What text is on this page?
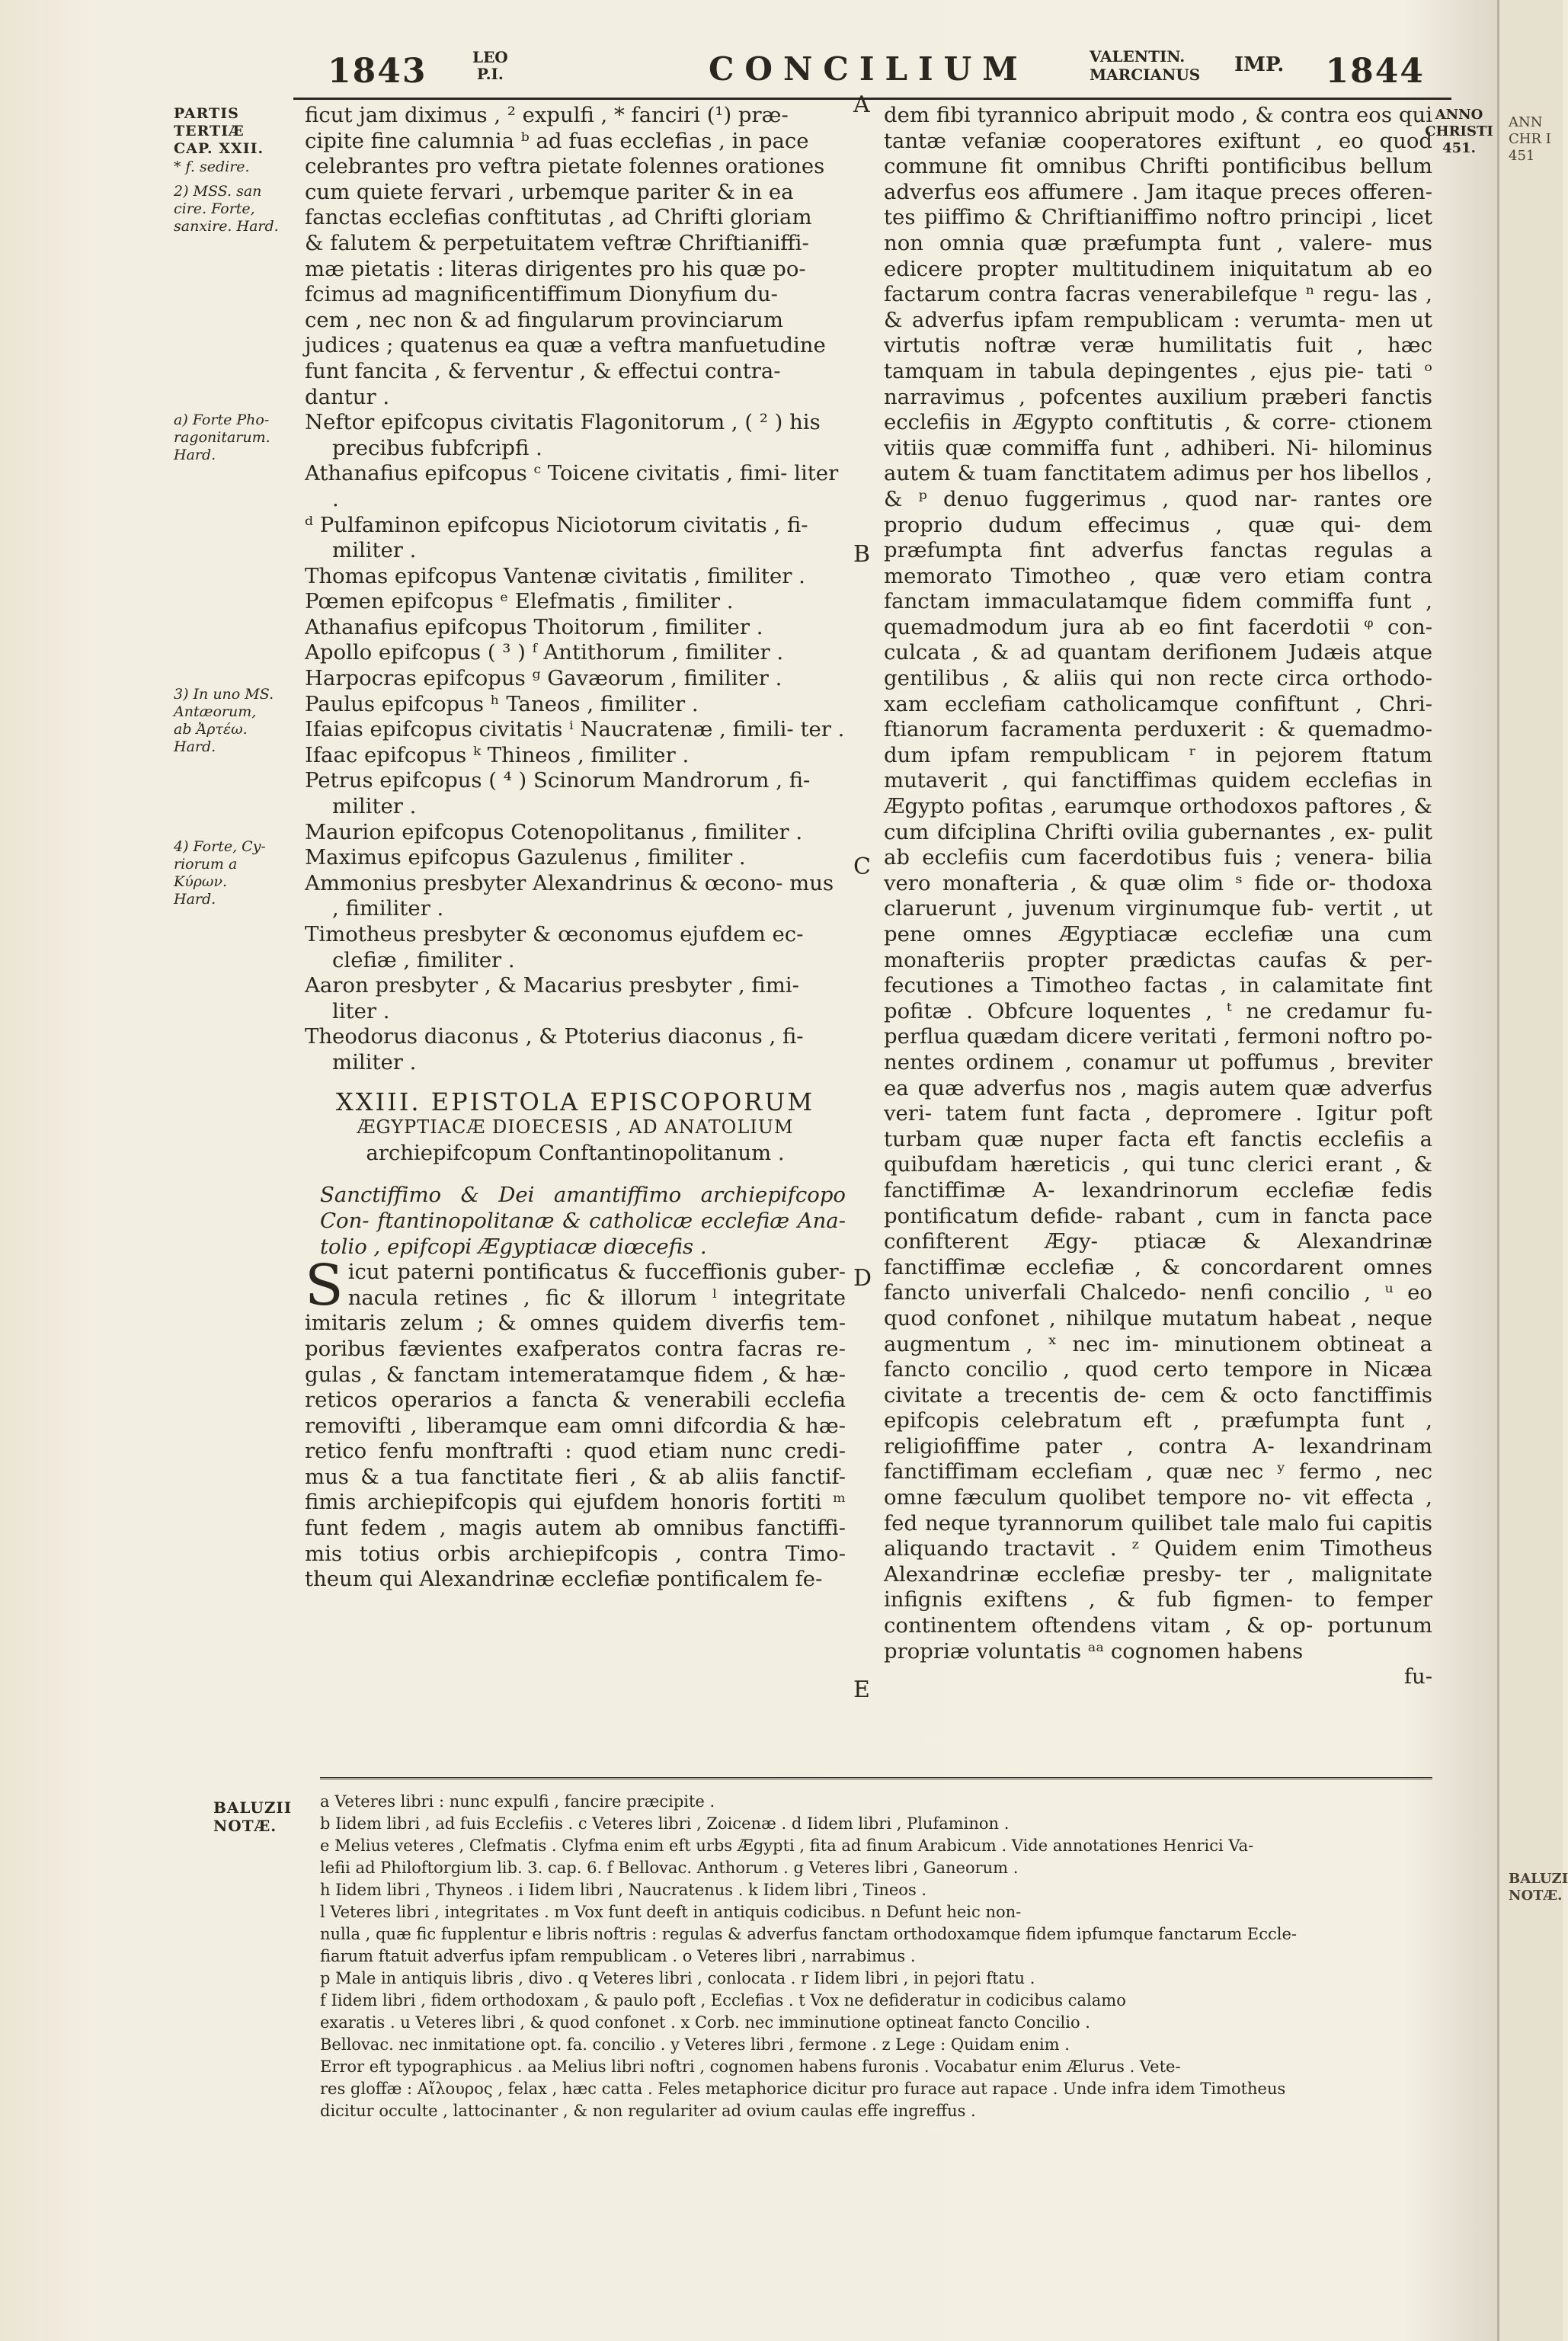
ANN
CHR I
451
BALUZI
NOTÆ.
1843	LEO
P.I.	CONCILIUM	VALENTIN.
MARCIANUS IMP. 1844
PARTIS
TERTIÆ
CAP. XXII.
* f. sedire.
2) MSS. san
cire. Forte,
sanxire. Hard.
a) Forte Pho-
ragonitarum.
Hard.
3) In uno MS.
Antæorum,
ab Ἀρτέω.
Hard.
4) Forte, Cy-
riorum a
Κύρων.
Hard.
ANNO
CHRISTI
451.
A
B
C
D
E
ficut jam diximus , ² expulfi , * fanciri (¹) præ-
cipite fine calumnia ᵇ ad fuas ecclefias , in pace
celebrantes pro veftra pietate folennes orationes
cum quiete fervari , urbemque pariter & in ea
fanctas ecclefias conftitutas , ad Chrifti gloriam
& falutem & perpetuitatem veftræ Chriftianiffi-
mæ pietatis : literas dirigentes pro his quæ po-
fcimus ad magnificentiffimum Dionyfium du-
cem , nec non & ad fingularum provinciarum
judices ; quatenus ea quæ a veftra manfuetudine
funt fancita , & ferventur , & effectui contra-
dantur .

Neftor epifcopus civitatis Flagonitorum , ( ² ) his precibus fubfcripfi .

Athanafius epifcopus ᶜ Toicene civitatis , fimi- liter .

ᵈ Pulfaminon epifcopus Niciotorum civitatis , fi- militer .

Thomas epifcopus Vantenæ civitatis , fimiliter .

Pœmen epifcopus ᵉ Elefmatis , fimiliter .

Athanafius epifcopus Thoitorum , fimiliter .

Apollo epifcopus ( ³ ) ᶠ Antithorum , fimiliter .

Harpocras epifcopus ᵍ Gavæorum , fimiliter .

Paulus epifcopus ʰ Taneos , fimiliter .

Ifaias epifcopus civitatis ⁱ Naucratenæ , fimili- ter .

Ifaac epifcopus ᵏ Thineos , fimiliter .

Petrus epifcopus ( ⁴ ) Scinorum Mandrorum , fi- militer .

Maurion epifcopus Cotenopolitanus , fimiliter .

Maximus epifcopus Gazulenus , fimiliter .

Ammonius presbyter Alexandrinus & œcono- mus , fimiliter .

Timotheus presbyter & œconomus ejufdem ec- clefiæ , fimiliter .

Aaron presbyter , & Macarius presbyter , fimi- liter .

Theodorus diaconus , & Ptoterius diaconus , fi- militer .

XXIII. EPISTOLA EPISCOPORUM

ÆGYPTIACÆ DIOECESIS , AD ANATOLIUM

archiepifcopum Conftantinopolitanum .

Sanctiffimo & Dei amantiffimo archiepifcopo Con- ftantinopolitanæ & catholicæ ecclefiæ Ana- tolio , epifcopi Ægyptiacæ diœcefis .

Sicut paterni pontificatus & fucceffionis guber- nacula retines , fic & illorum ˡ integritate imitaris zelum ; & omnes quidem diverfis tem- poribus fævientes exafperatos contra facras re- gulas , & fanctam intemeratamque fidem , & hæ- reticos operarios a fancta & venerabili ecclefia removifti , liberamque eam omni difcordia & hæ- retico fenfu monftrafti : quod etiam nunc credi- mus & a tua fanctitate fieri , & ab aliis fanctif- fimis archiepifcopis qui ejufdem honoris fortiti ᵐ funt fedem , magis autem ab omnibus fanctiffi- mis totius orbis archiepifcopis , contra Timo- theum qui Alexandrinæ ecclefiæ pontificalem fe-

dem fibi tyrannico abripuit modo , & contra eos qui tantæ vefaniæ cooperatores exiftunt , eo quod commune fit omnibus Chrifti pontificibus bellum adverfus eos affumere . Jam itaque preces offeren- tes piiffimo & Chriftianiffimo noftro principi , licet non omnia quæ præfumpta funt , valere- mus edicere propter multitudinem iniquitatum ab eo factarum contra facras venerabilefque ⁿ regu- las , & adverfus ipfam rempublicam : verumta- men ut virtutis noftræ veræ humilitatis fuit , hæc tamquam in tabula depingentes , ejus pie- tati ᵒ narravimus , pofcentes auxilium præberi fanctis ecclefiis in Ægypto conftitutis , & corre- ctionem vitiis quæ commiffa funt , adhiberi. Ni- hilominus autem & tuam fanctitatem adimus per hos libellos , & ᵖ denuo fuggerimus , quod nar- rantes ore proprio dudum effecimus , quæ qui- dem præfumpta fint adverfus fanctas regulas a memorato Timotheo , quæ vero etiam contra fanctam immaculatamque fidem commiffa funt , quemadmodum jura ab eo fint facerdotii ᵠ con- culcata , & ad quantam derifionem Judæis atque gentilibus , & aliis qui non recte circa orthodo- xam ecclefiam catholicamque confiftunt , Chri- ftianorum facramenta perduxerit : & quemadmo- dum ipfam rempublicam ʳ in pejorem ftatum mutaverit , qui fanctiffimas quidem ecclefias in Ægypto pofitas , earumque orthodoxos paftores , & cum difciplina Chrifti ovilia gubernantes , ex- pulit ab ecclefiis cum facerdotibus fuis ; venera- bilia vero monafteria , & quæ olim ˢ fide or- thodoxa claruerunt , juvenum virginumque fub- vertit , ut pene omnes Ægyptiacæ ecclefiæ una cum monafteriis propter prædictas caufas & per- fecutiones a Timotheo factas , in calamitate fint pofitæ . Obfcure loquentes , ᵗ ne credamur fu- perflua quædam dicere veritati , fermoni noftro po- nentes ordinem , conamur ut poffumus , breviter ea quæ adverfus nos , magis autem quæ adverfus veri- tatem funt facta , depromere . Igitur poft turbam quæ nuper facta eft fanctis ecclefiis a quibufdam hæreticis , qui tunc clerici erant , & fanctiffimæ A- lexandrinorum ecclefiæ fedis pontificatum defide- rabant , cum in fancta pace confifterent Ægy- ptiacæ & Alexandrinæ fanctiffimæ ecclefiæ , & concordarent omnes fancto univerfali Chalcedo- nenfi concilio , ᵘ eo quod confonet , nihilque mutatum habeat , neque augmentum , ˣ nec im- minutionem obtineat a fancto concilio , quod certo tempore in Nicæa civitate a trecentis de- cem & octo fanctiffimis epifcopis celebratum eft , præfumpta funt , religiofiffime pater , contra A- lexandrinam fanctiffimam ecclefiam , quæ nec ʸ fermo , nec omne fæculum quolibet tempore no- vit effecta , fed neque tyrannorum quilibet tale malo fui capitis aliquando tractavit . ᶻ Quidem enim Timotheus Alexandrinæ ecclefiæ presby- ter , malignitate infignis exiftens , & fub figmen- to femper continentem oftendens vitam , & op- portunum propriæ voluntatis ᵃᵃ cognomen habens

fu-

BALUZII
NOTÆ.

a Veteres libri : nunc expulfi , fancire præcipite .

b Iidem libri , ad fuis Ecclefiis . c Veteres libri , Zoicenæ . d Iidem libri , Plufaminon .

e Melius veteres , Clefmatis . Clyfma enim eft urbs Ægypti , fita ad finum Arabicum . Vide annotationes Henrici Va-

lefii ad Philoftorgium lib. 3. cap. 6. f Bellovac. Anthorum . g Veteres libri , Ganeorum .

h Iidem libri , Thyneos . i Iidem libri , Naucratenus . k Iidem libri , Tineos .

l Veteres libri , integritates . m Vox funt deeft in antiquis codicibus. n Defunt heic non-

nulla , quæ fic fupplentur e libris noftris : regulas & adverfus fanctam orthodoxamque fidem ipfumque fanctarum Eccle-

fiarum ftatuit adverfus ipfam rempublicam . o Veteres libri , narrabimus .

p Male in antiquis libris , divo . q Veteres libri , conlocata . r Iidem libri , in pejori ftatu .

f Iidem libri , fidem orthodoxam , & paulo poft , Ecclefias . t Vox ne defideratur in codicibus calamo

exaratis . u Veteres libri , & quod confonet . x Corb. nec imminutione optineat fancto Concilio .

Bellovac. nec inmitatione opt. fa. concilio . y Veteres libri , fermone . z Lege : Quidam enim .

Error eft typographicus . aa Melius libri noftri , cognomen habens furonis . Vocabatur enim Ælurus . Vete-

res gloffæ : Αἴλουρος , felax , hæc catta . Feles metaphorice dicitur pro furace aut rapace . Unde infra idem Timotheus

dicitur occulte , lattocinanter , & non regulariter ad ovium caulas effe ingreffus .
